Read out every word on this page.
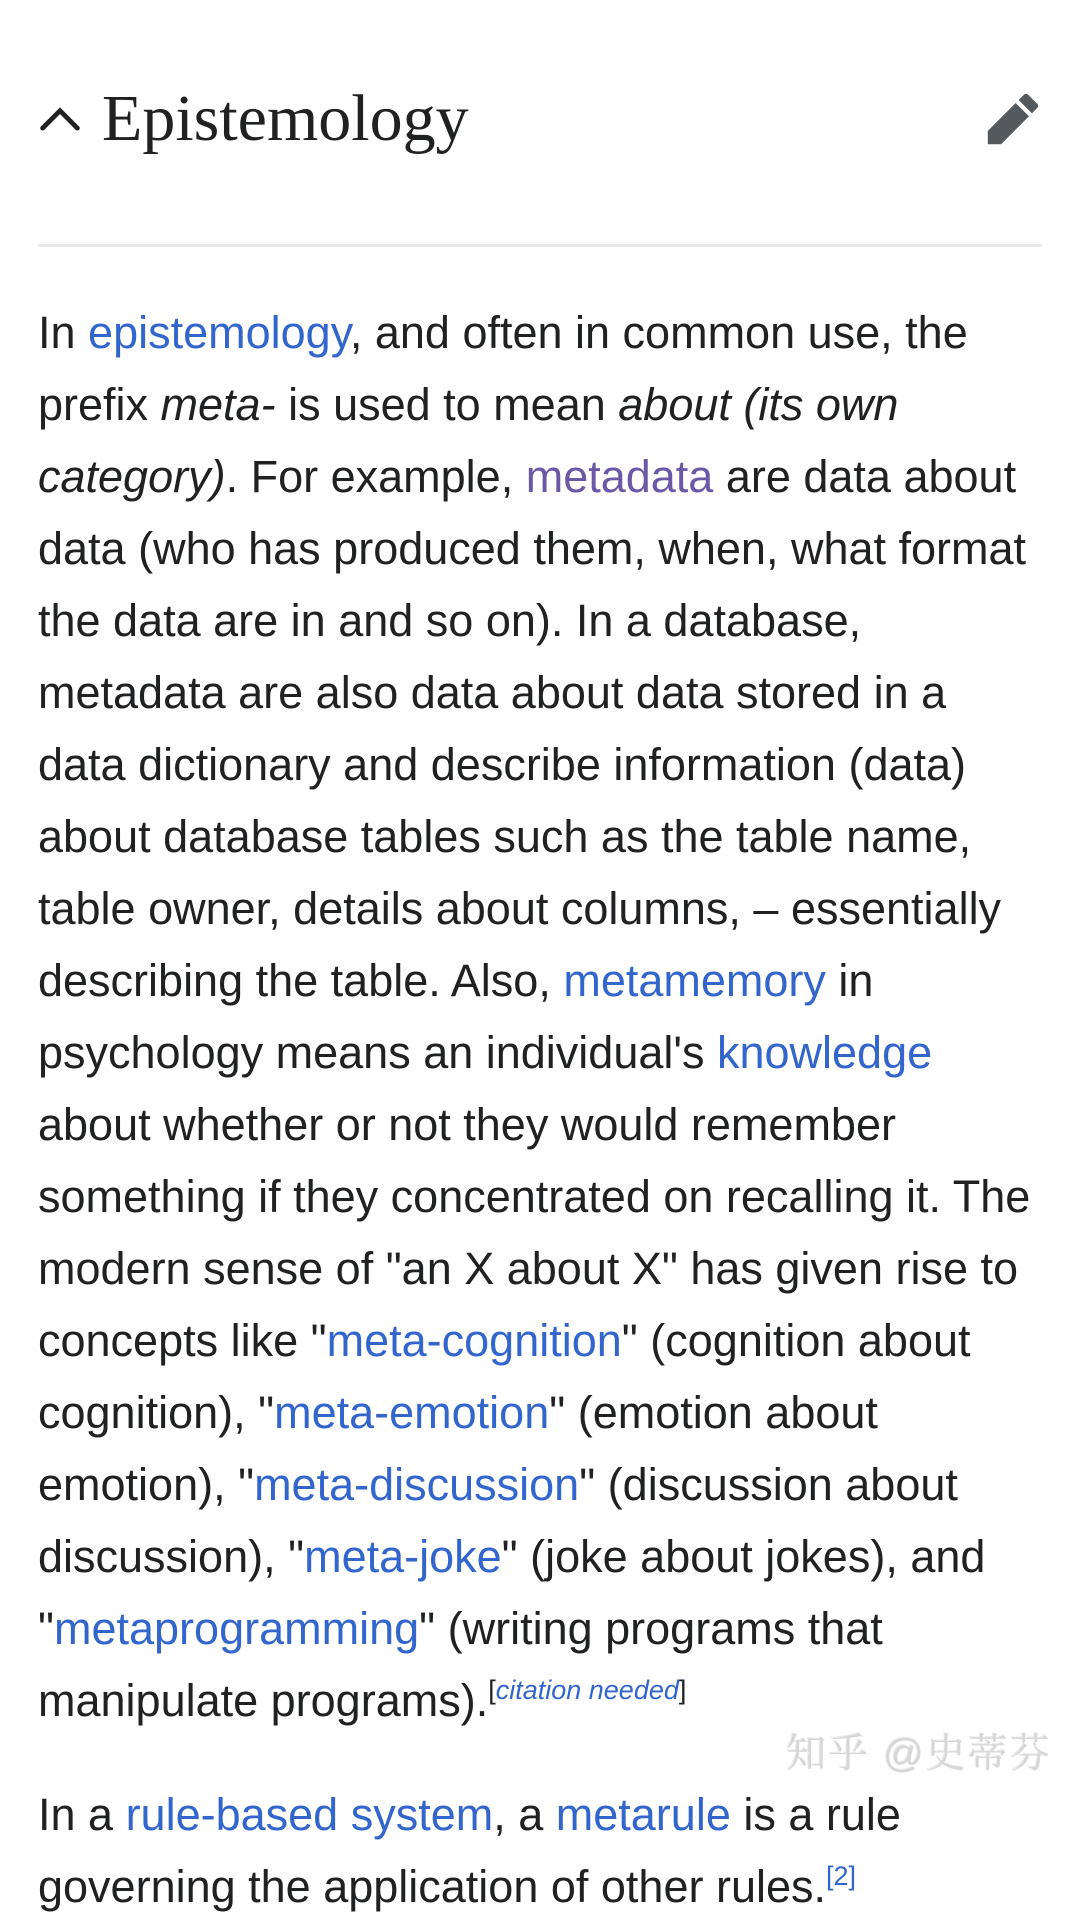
Epistemology

In epistemology, and often in common use, the prefix meta- is used to mean about (its own category). For example, metadata are data about data (who has produced them, when, what format the data are in and so on). In a database, metadata are also data about data stored in a data dictionary and describe information (data) about database tables such as the table name, table owner, details about columns, – essentially describing the table. Also, metamemory in psychology means an individual's knowledge about whether or not they would remember something if they concentrated on recalling it. The modern sense of "an X about X" has given rise to concepts like "meta-cognition" (cognition about cognition), "meta-emotion" (emotion about emotion), "meta-discussion" (discussion about discussion), "meta-joke" (joke about jokes), and "metaprogramming" (writing programs that manipulate programs).[citation needed]

In a rule-based system, a metarule is a rule governing the application of other rules.[2]

知乎 @史蒂芬
